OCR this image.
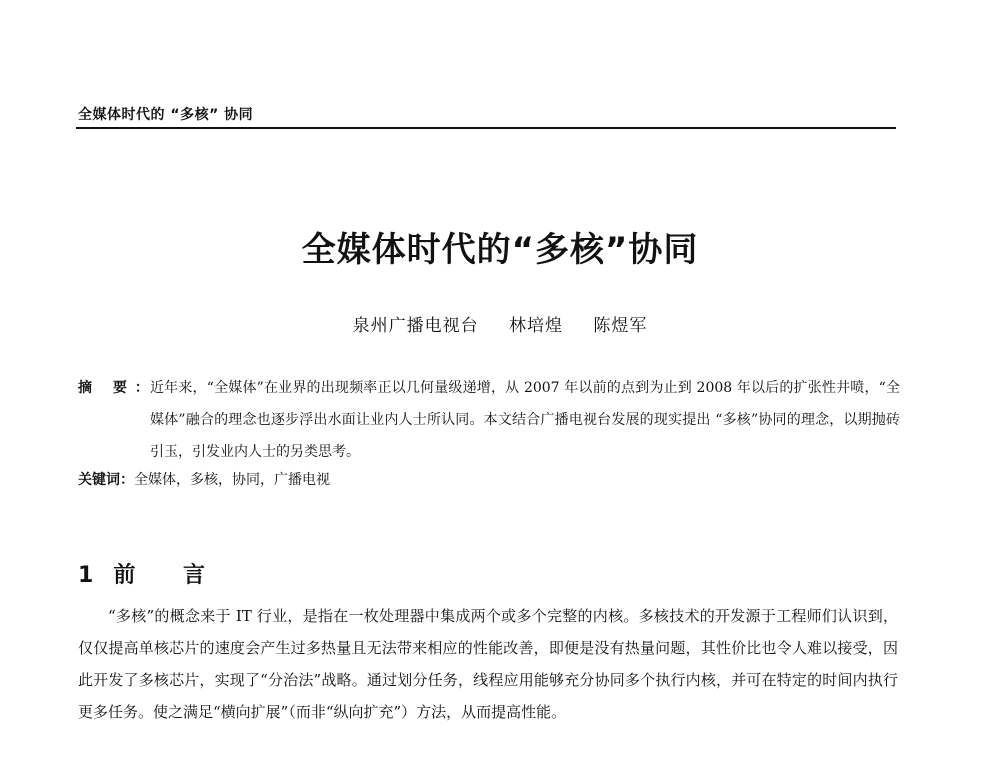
全媒体时代的 “多核” 协同
全媒体时代的“多核”协同
泉州广播电视台 林培煌 陈煜军
摘 要：
近年来，“全媒体”在业界的出现频率正以几何量级递增，从 2007 年以前的点到为止到 2008 年以后的扩张性井喷，“全媒体”融合的理念也逐步浮出水面让业内人士所认同。本文结合广播电视台发展的现实提出 “多核”协同的理念，以期抛砖引玉，引发业内人士的另类思考。
关键词：全媒体，多核，协同，广播电视
1 前 言
“多核”的概念来于 IT 行业，是指在一枚处理器中集成两个或多个完整的内核。多核技术的开发源于工程师们认识到，仅仅提高单核芯片的速度会产生过多热量且无法带来相应的性能改善，即便是没有热量问题，其性价比也令人难以接受，因此开发了多核芯片，实现了“分治法”战略。通过划分任务，线程应用能够充分协同多个执行内核，并可在特定的时间内执行更多任务。使之满足“横向扩展”（而非“纵向扩充”）方法，从而提高性能。
